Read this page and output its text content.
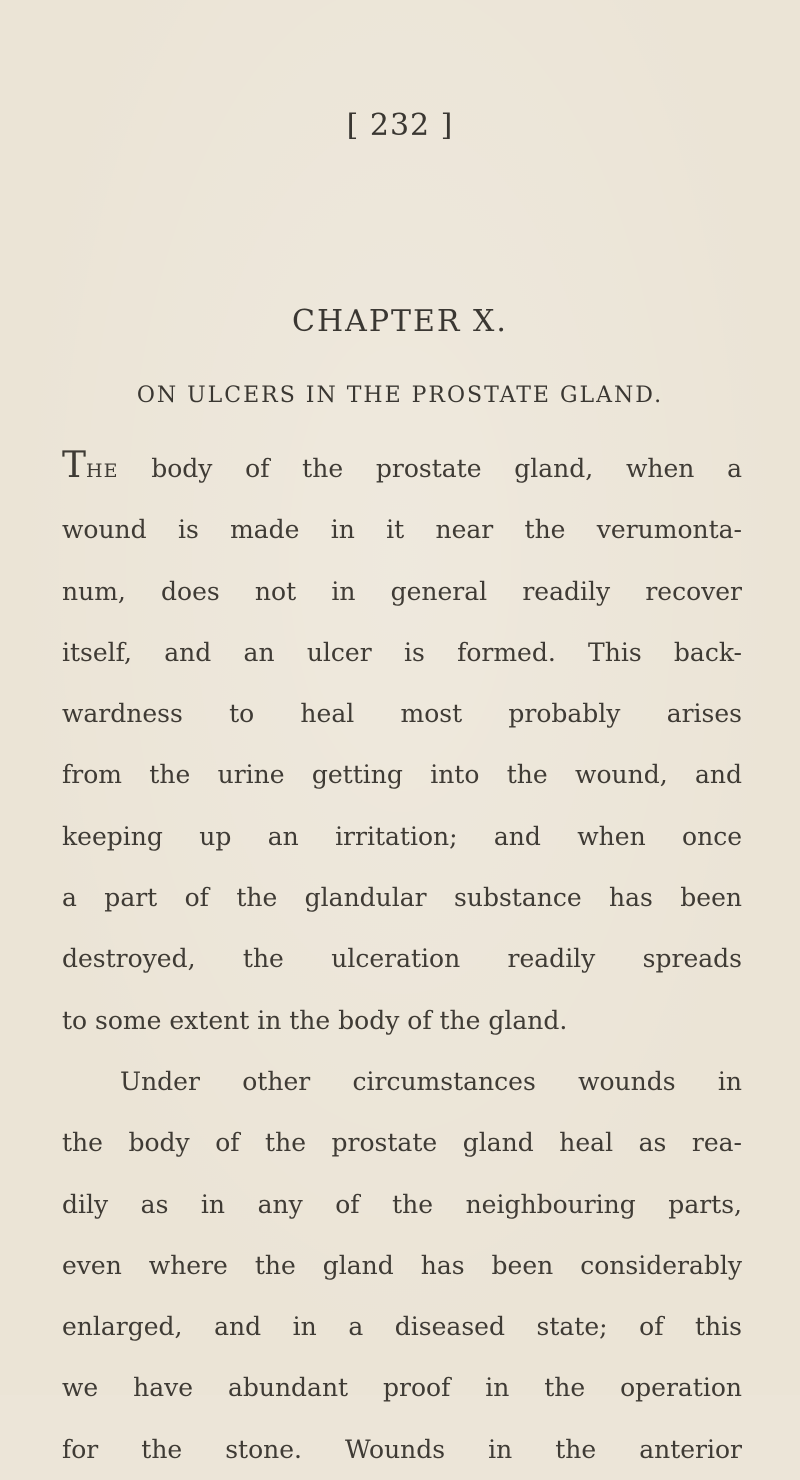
[ 232 ]
CHAPTER X.
ON ULCERS IN THE PROSTATE GLAND.
THE body of the prostate gland, when a
wound is made in it near the verumonta-
num, does not in general readily recover
itself, and an ulcer is formed. This back-
wardness to heal most probably arises
from the urine getting into the wound, and
keeping up an irritation; and when once
a part of the glandular substance has been
destroyed, the ulceration readily spreads
to some extent in the body of the gland.
Under other circumstances wounds in
the body of the prostate gland heal as rea-
dily as in any of the neighbouring parts,
even where the gland has been considerably
enlarged, and in a diseased state; of this
we have abundant proof in the operation
for the stone. Wounds in the anterior
